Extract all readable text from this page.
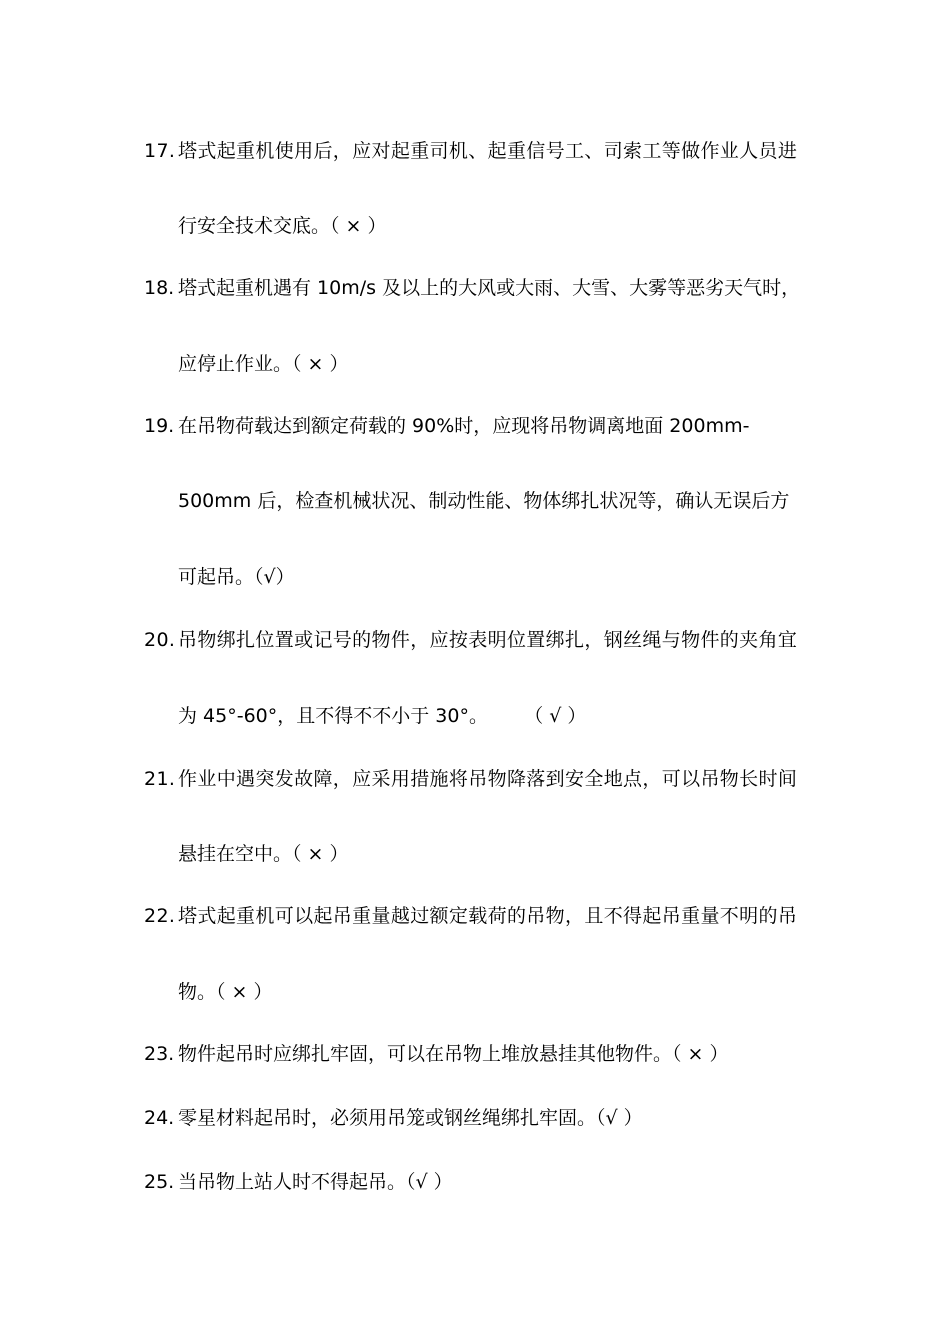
17. 塔式起重机使用后，应对起重司机、起重信号工、司索工等做作业人员进
行安全技术交底。（ × ）
18. 塔式起重机遇有 10m/s 及以上的大风或大雨、大雪、大雾等恶劣天气时，
应停止作业。（ × ）
19. 在吊物荷载达到额定荷载的 90%时，应现将吊物调离地面 200mm-
500mm 后，检查机械状况、制动性能、物体绑扎状况等，确认无误后方
可起吊。（√）
20. 吊物绑扎位置或记号的物件，应按表明位置绑扎，钢丝绳与物件的夹角宜
为 45°-60°，且不得不不小于 30°。      （ √ ）
21. 作业中遇突发故障，应采用措施将吊物降落到安全地点，可以吊物长时间
悬挂在空中。（ × ）
22. 塔式起重机可以起吊重量越过额定载荷的吊物，且不得起吊重量不明的吊
物。（ × ）
23. 物件起吊时应绑扎牢固，可以在吊物上堆放悬挂其他物件。（ × ）
24. 零星材料起吊时，必须用吊笼或钢丝绳绑扎牢固。（√ ）
25. 当吊物上站人时不得起吊。（√ ）
